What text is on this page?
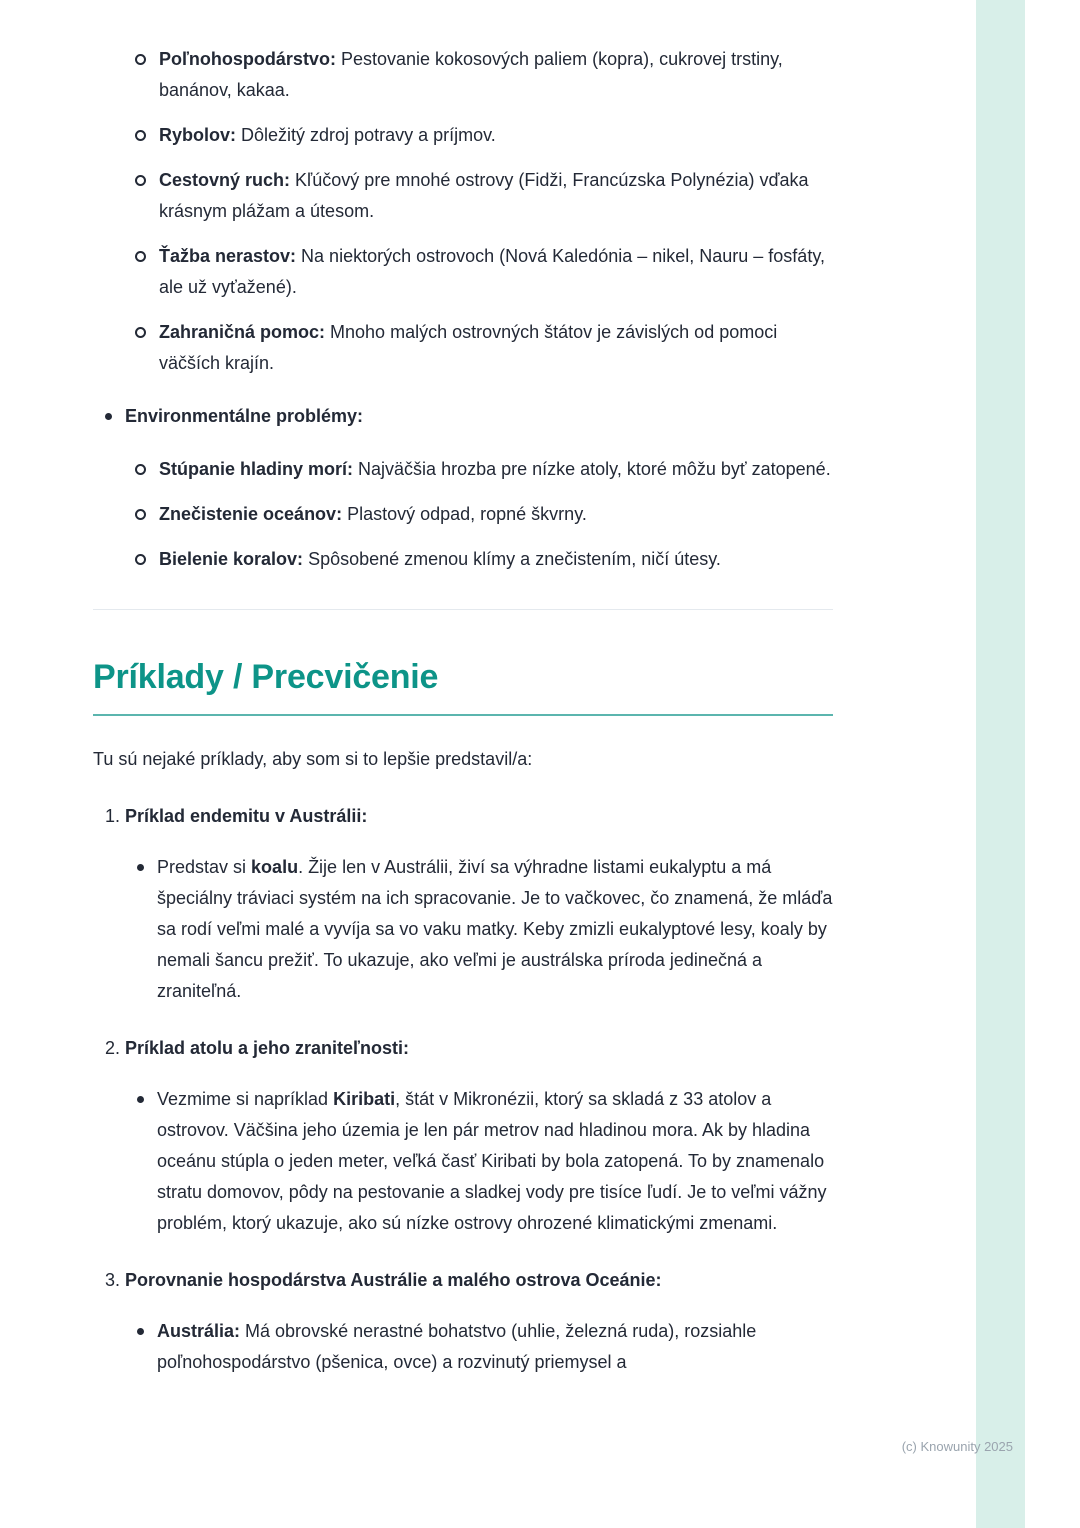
Poľnohospodárstvo: Pestovanie kokosových paliem (kopra), cukrovej trstiny, banánov, kakaa.
Rybolov: Dôležitý zdroj potravy a príjmov.
Cestovný ruch: Kľúčový pre mnohé ostrovy (Fidži, Francúzska Polynézia) vďaka krásnym plážam a útesom.
Ťažba nerastov: Na niektorých ostrovoch (Nová Kaledónia – nikel, Nauru – fosfáty, ale už vyťažené).
Zahraničná pomoc: Mnoho malých ostrovných štátov je závislých od pomoci väčších krajín.
Environmentálne problémy:
Stúpanie hladiny morí: Najväčšia hrozba pre nízke atoly, ktoré môžu byť zatopené.
Znečistenie oceánov: Plastový odpad, ropné škvrny.
Bielenie koralov: Spôsobené zmenou klímy a znečistením, ničí útesy.
Príklady / Precvičenie

Tu sú nejaké príklady, aby som si to lepšie predstavil/a:

1. Príklad endemitu v Austrálii:
Predstav si koalu. Žije len v Austrálii, živí sa výhradne listami eukalyptu a má špeciálny tráviaci systém na ich spracovanie. Je to vačkovec, čo znamená, že mláďa sa rodí veľmi malé a vyvíja sa vo vaku matky. Keby zmizli eukalyptové lesy, koaly by nemali šancu prežiť. To ukazuje, ako veľmi je austrálska príroda jedinečná a zraniteľná.
2. Príklad atolu a jeho zraniteľnosti:
Vezmime si napríklad Kiribati, štát v Mikronézii, ktorý sa skladá z 33 atolov a ostrovov. Väčšina jeho územia je len pár metrov nad hladinou mora. Ak by hladina oceánu stúpla o jeden meter, veľká časť Kiribati by bola zatopená. To by znamenalo stratu domovov, pôdy na pestovanie a sladkej vody pre tisíce ľudí. Je to veľmi vážny problém, ktorý ukazuje, ako sú nízke ostrovy ohrozené klimatickými zmenami.
3. Porovnanie hospodárstva Austrálie a malého ostrova Oceánie:
Austrália: Má obrovské nerastné bohatstvo (uhlie, železná ruda), rozsiahle poľnohospodárstvo (pšenica, ovce) a rozvinutý priemysel a
(c) Knowunity 2025
